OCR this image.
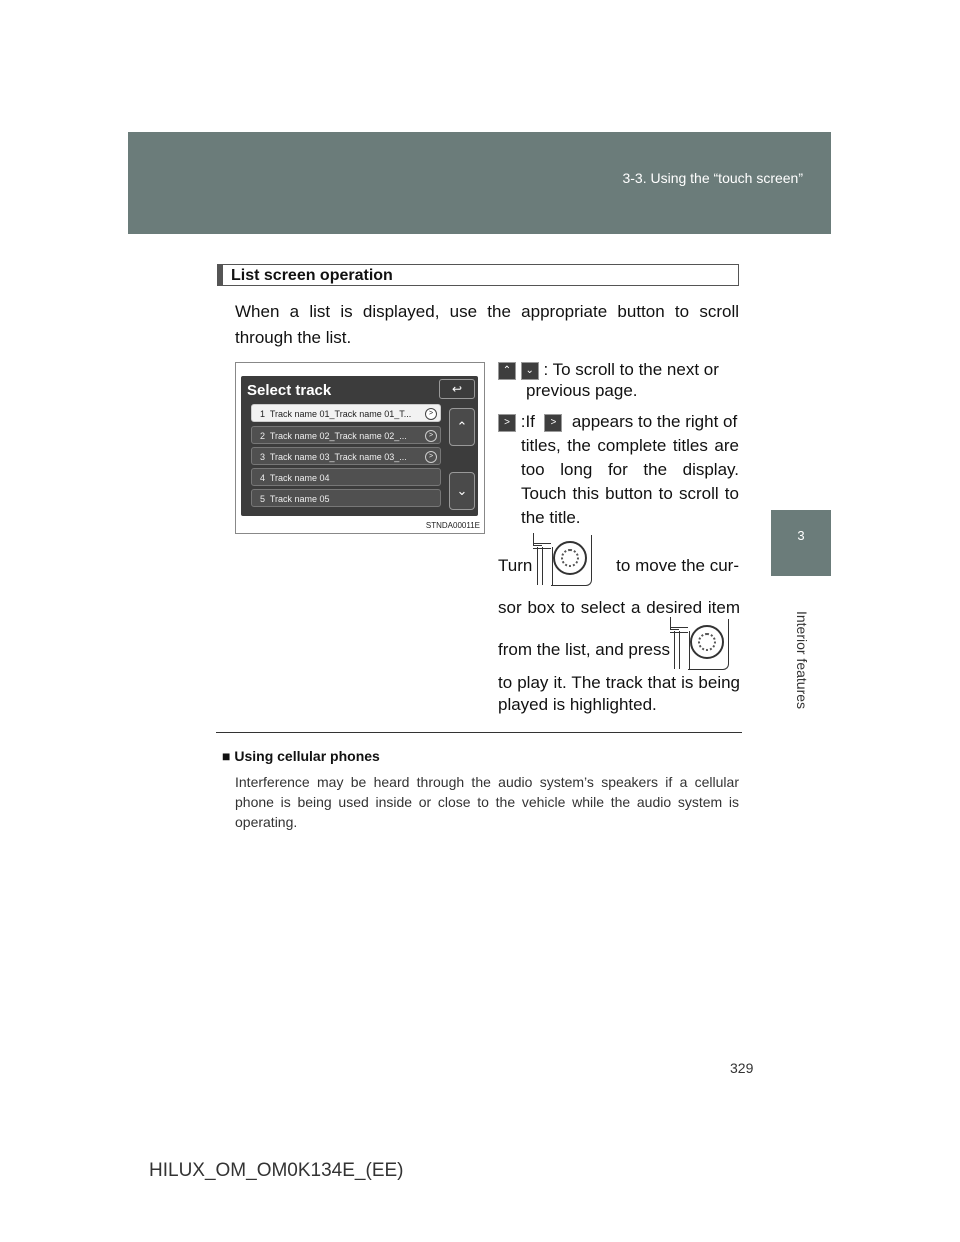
3-3. Using the “touch screen”
3
Interior features
List screen operation
When a list is displayed, use the appropriate button to scroll through the list.
Select track	↩
1 Track name 01_Track name 01_T...	>
2 Track name 02_Track name 02_...	>
3 Track name 03_Track name 03_...	>
4 Track name 04
5 Track name 05
⌃
⌄
STNDA00011E
⌃ ⌄ : To scroll to the next or
previous page.
> :If > appears to the right of
titles, the complete titles are
too long for the display.
Touch this button to scroll to
the title.
Turn	to move the cur-
sor box to select a desired item
from the list, and press
to play it. The track that is being
played is highlighted.
■ Using cellular phones
Interference may be heard through the audio system’s speakers if a cellular phone is being used inside or close to the vehicle while the audio system is operating.
329
HILUX_OM_OM0K134E_(EE)
